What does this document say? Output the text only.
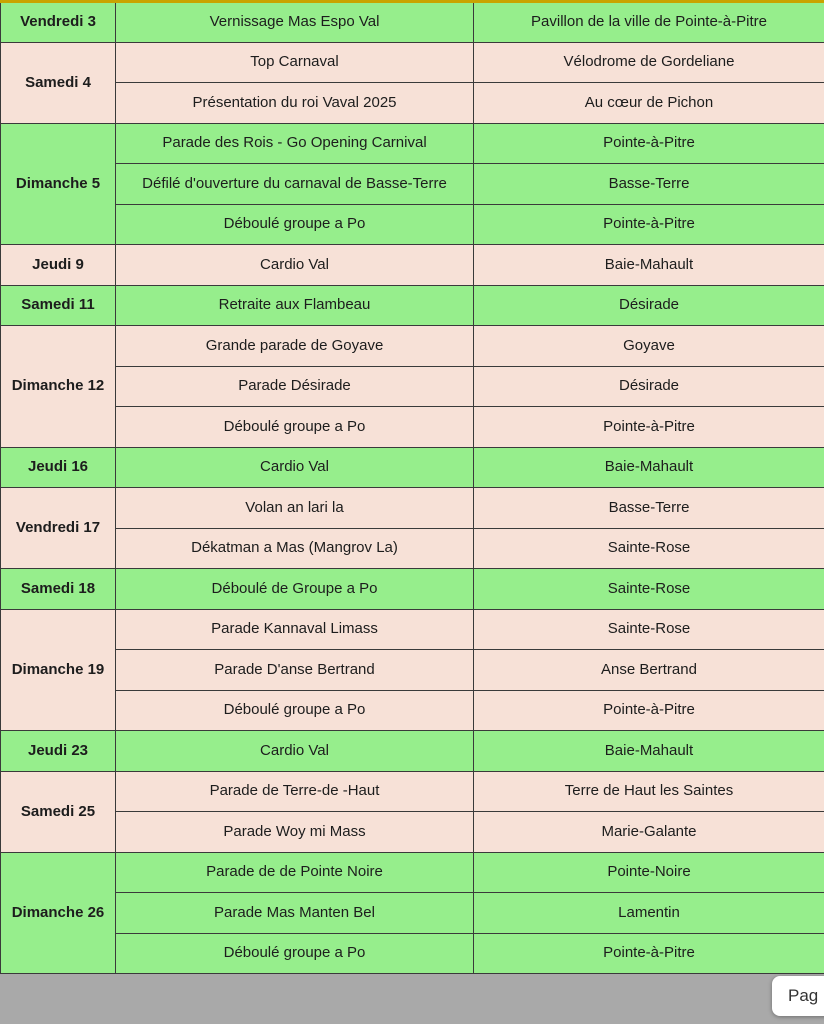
Vendredi 3	Vernissage Mas Espo Val	Pavillon de la ville de Pointe-à-Pitre
Samedi 4	Top Carnaval	Vélodrome de Gordeliane
	Présentation du roi Vaval 2025	Au cœur de Pichon
Dimanche 5	Parade des Rois - Go Opening Carnival	Pointe-à-Pitre
	Défilé d'ouverture du carnaval de Basse-Terre	Basse-Terre
	Déboulé groupe a Po	Pointe-à-Pitre
Jeudi 9	Cardio Val	Baie-Mahault
Samedi 11	Retraite aux Flambeau	Désirade
Dimanche 12	Grande parade de Goyave	Goyave
	Parade Désirade	Désirade
	Déboulé groupe a Po	Pointe-à-Pitre
Jeudi 16	Cardio Val	Baie-Mahault
Vendredi 17	Volan an lari la	Basse-Terre
	Dékatman a Mas (Mangrov La)	Sainte-Rose
Samedi 18	Déboulé de Groupe a Po	Sainte-Rose
Dimanche 19	Parade Kannaval Limass	Sainte-Rose
	Parade D'anse Bertrand	Anse Bertrand
	Déboulé groupe a Po	Pointe-à-Pitre
Jeudi 23	Cardio Val	Baie-Mahault
Samedi 25	Parade de Terre-de -Haut	Terre de Haut les Saintes
	Parade Woy mi Mass	Marie-Galante
Dimanche 26	Parade de de Pointe Noire	Pointe-Noire
	Parade Mas Manten Bel	Lamentin
	Déboulé groupe a Po	Pointe-à-Pitre
Pag
